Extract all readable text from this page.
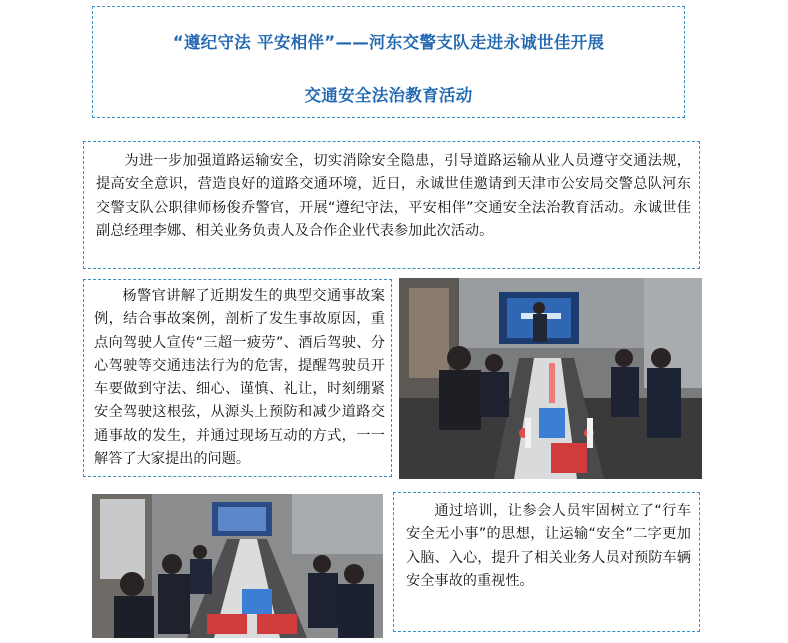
“遵纪守法 平安相伴”——河东交警支队走进永诚世佳开展
交通安全法治教育活动

为进一步加强道路运输安全，切实消除安全隐患，引导道路运输从业人员遵守交通法规，提高安全意识，营造良好的道路交通环境，近日，永诚世佳邀请到天津市公安局交警总队河东交警支队公职律师杨俊乔警官，开展“遵纪守法，平安相伴”交通安全法治教育活动。永诚世佳副总经理李娜、相关业务负责人及合作企业代表参加此次活动。

杨警官讲解了近期发生的典型交通事故案例，结合事故案例，剖析了发生事故原因，重点向驾驶人宣传“三超一疲劳”、酒后驾驶、分心驾驶等交通违法行为的危害，提醒驾驶员开车要做到守法、细心、谨慎、礼让，时刻绷紧安全驾驶这根弦，从源头上预防和减少道路交通事故的发生，并通过现场互动的方式，一一解答了大家提出的问题。

通过培训，让参会人员牢固树立了“行车安全无小事”的思想，让运输“安全”二字更加入脑、入心，提升了相关业务人员对预防车辆安全事故的重视性。
